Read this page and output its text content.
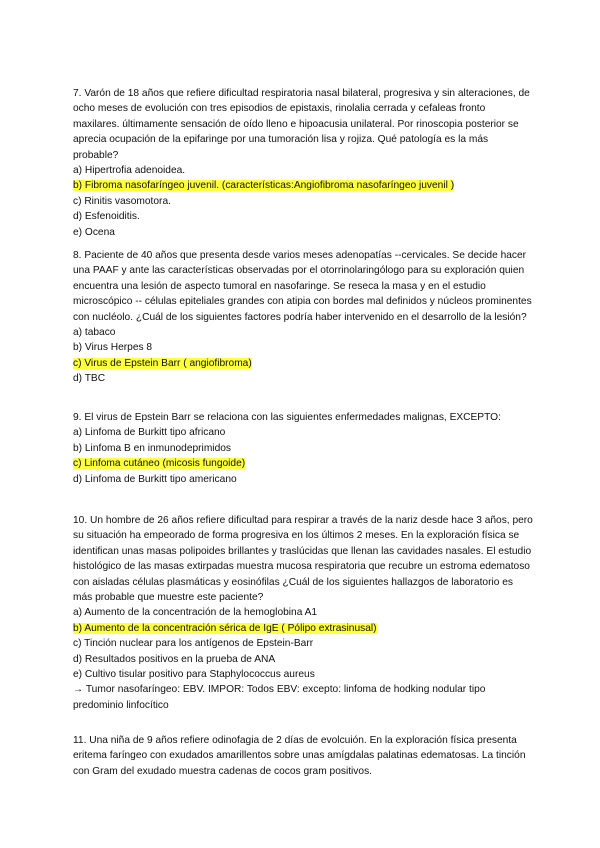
7. Varón de 18 años que refiere dificultad respiratoria nasal bilateral, progresiva y sin alteraciones, de ocho meses de evolución con tres episodios de epistaxis, rinolalia cerrada y cefaleas fronto maxilares. últimamente sensación de oído lleno e hipoacusia unilateral. Por rinoscopia posterior se aprecia ocupación de la epifaringe por una tumoración lisa y rojiza. Qué patología es la más probable?

a) Hipertrofia adenoidea.
b) Fibroma nasofaríngeo juvenil. (características:Angiofibroma nasofaríngeo juvenil )
c) Rinitis vasomotora.
d) Esfenoiditis.
e) Ocena

8. Paciente de 40 años que presenta desde varios meses adenopatías --cervicales. Se decide hacer una PAAF y ante las características observadas por el otorrinolaringólogo para su exploración quien encuentra una lesión de aspecto tumoral en nasofaringe. Se reseca la masa y en el estudio microscópico -- células epiteliales grandes con atipia con bordes mal definidos y núcleos prominentes con nucléolo. ¿Cuál de los siguientes factores podría haber intervenido en el desarrollo de la lesión?

a) tabaco
b) Virus Herpes 8
c) Virus de Epstein Barr ( angiofibroma)
d) TBC

9. El virus de Epstein Barr se relaciona con las siguientes enfermedades malignas, EXCEPTO:

a) Linfoma de Burkitt tipo africano
b) Linfoma B en inmunodeprimidos
c) Linfoma cutáneo (micosis fungoide)
d) Linfoma de Burkitt tipo americano

10. Un hombre de 26 años refiere dificultad para respirar a través de la nariz desde hace 3 años, pero su situación ha empeorado de forma progresiva en los últimos 2 meses. En la exploración física se identifican unas masas polipoides brillantes y traslúcidas que llenan las cavidades nasales. El estudio histológico de las masas extirpadas muestra mucosa respiratoria que recubre un estroma edematoso con aisladas células plasmáticas y eosinófilas ¿Cuál de los siguientes hallazgos de laboratorio es más probable que muestre este paciente?

a) Aumento de la concentración de la hemoglobina A1
b) Aumento de la concentración sérica de IgE ( Pólipo extrasinusal)
c) Tinción nuclear para los antígenos de Epstein-Barr
d) Resultados positivos en la prueba de ANA
e) Cultivo tisular positivo para Staphylococcus aureus

→ Tumor nasofaríngeo: EBV. IMPOR: Todos EBV: excepto: linfoma de hodking nodular tipo predominio linfocítico

11. Una niña de 9 años refiere odinofagia de 2 días de evolcuión. En la exploración física presenta eritema faríngeo con exudados amarillentos sobre unas amígdalas palatinas edematosas. La tinción con Gram del exudado muestra cadenas de cocos gram positivos.
